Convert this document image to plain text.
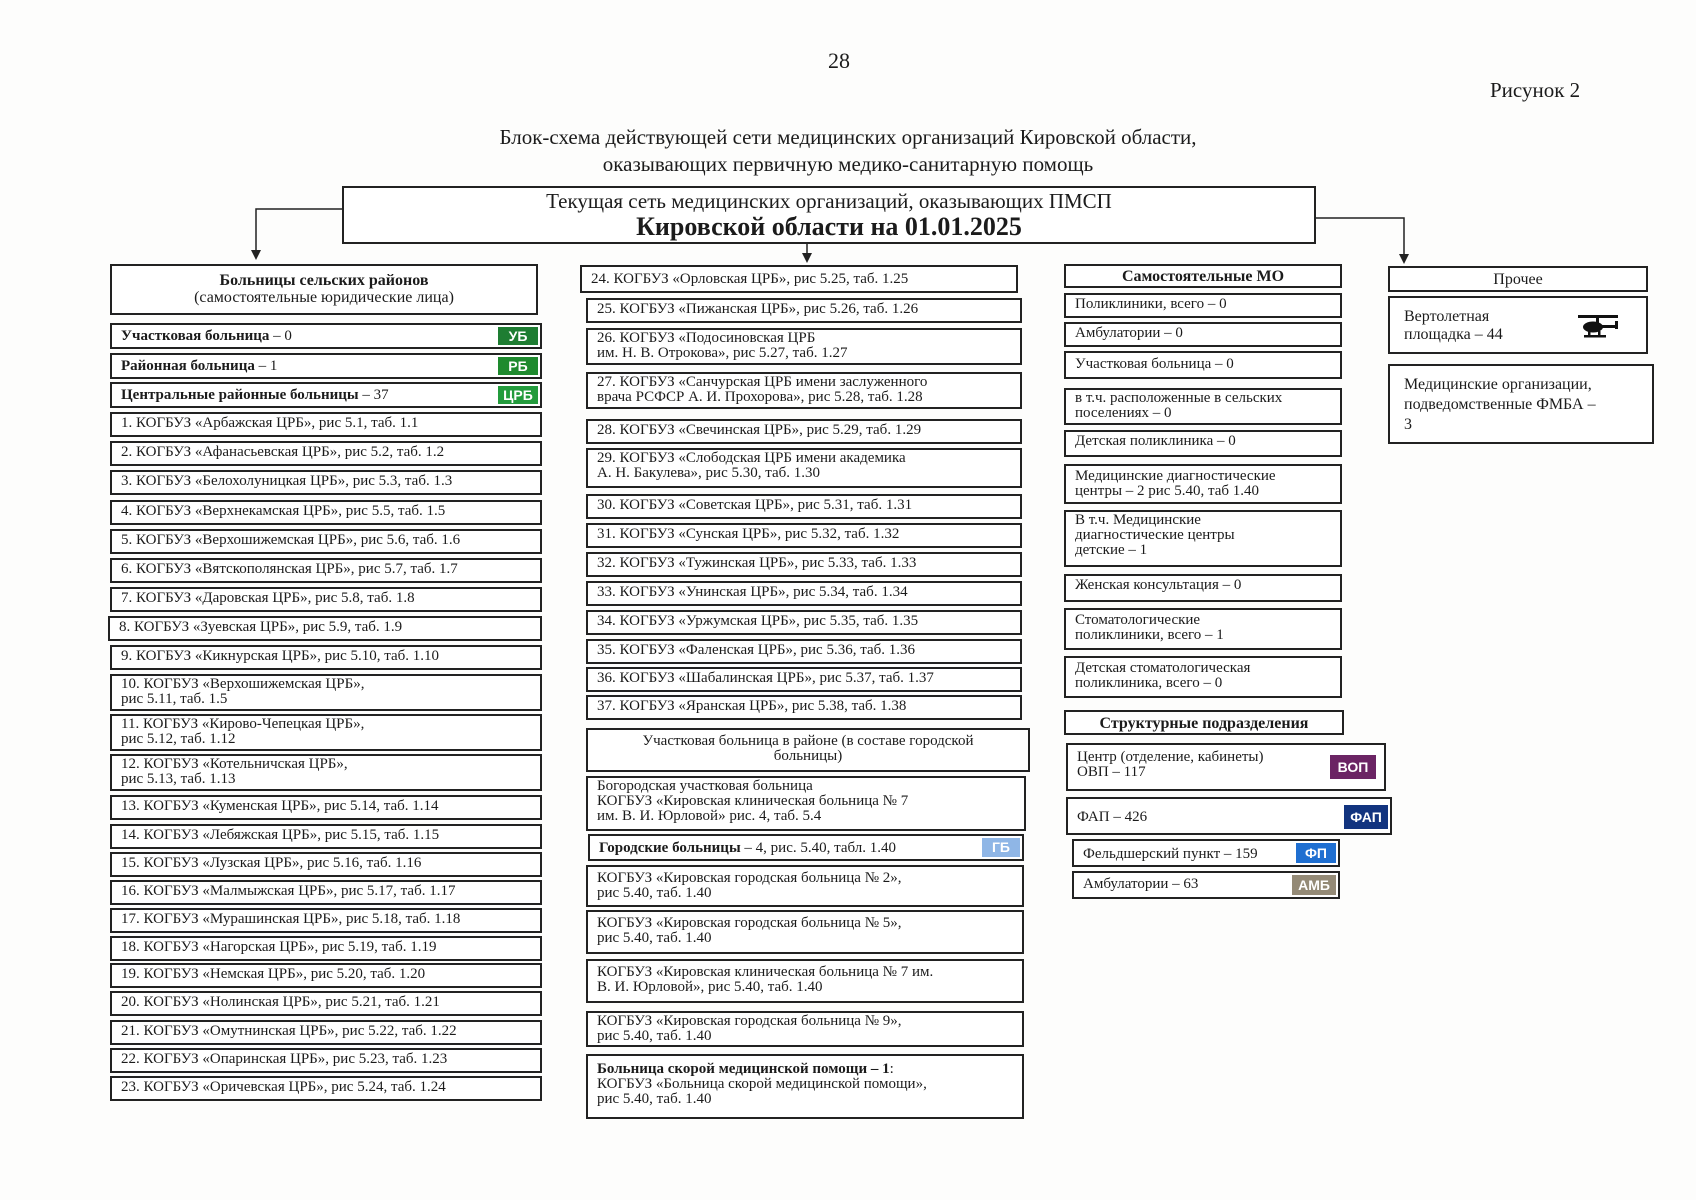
28
Рисунок 2
Блок-схема действующей сети медицинских организаций Кировской области,
оказывающих первичную медико-санитарную помощь
Текущая сеть медицинских организаций, оказывающих ПМСП
Кировской области на 01.01.2025
Больницы сельских районов
(самостоятельные юридические лица)
Участковая больница – 0	УБ
Районная больница – 1	РБ
Центральные районные больницы – 37	ЦРБ
1. КОГБУЗ «Арбажская ЦРБ», рис 5.1, таб. 1.1
2. КОГБУЗ «Афанасьевская ЦРБ», рис 5.2, таб. 1.2
3. КОГБУЗ «Белохолуницкая ЦРБ», рис 5.3, таб. 1.3
4. КОГБУЗ «Верхнекамская ЦРБ», рис 5.5, таб. 1.5
5. КОГБУЗ «Верхошижемская ЦРБ», рис 5.6, таб. 1.6
6. КОГБУЗ «Вятскополянская ЦРБ», рис 5.7, таб. 1.7
7. КОГБУЗ «Даровская ЦРБ», рис 5.8, таб. 1.8
8. КОГБУЗ «Зуевская ЦРБ», рис 5.9, таб. 1.9
9. КОГБУЗ «Кикнурская ЦРБ», рис 5.10, таб. 1.10
10. КОГБУЗ «Верхошижемская ЦРБ»,
рис 5.11, таб. 1.5
11. КОГБУЗ «Кирово-Чепецкая ЦРБ»,
рис 5.12, таб. 1.12
12. КОГБУЗ «Котельничская ЦРБ»,
рис 5.13, таб. 1.13
13. КОГБУЗ «Куменская ЦРБ», рис 5.14, таб. 1.14
14. КОГБУЗ «Лебяжская ЦРБ», рис 5.15, таб. 1.15
15. КОГБУЗ «Лузская ЦРБ», рис 5.16, таб. 1.16
16. КОГБУЗ «Малмыжская ЦРБ», рис 5.17, таб. 1.17
17. КОГБУЗ «Мурашинская ЦРБ», рис 5.18, таб. 1.18
18. КОГБУЗ «Нагорская ЦРБ», рис 5.19, таб. 1.19
19. КОГБУЗ «Немская ЦРБ», рис 5.20, таб. 1.20
20. КОГБУЗ «Нолинская ЦРБ», рис 5.21, таб. 1.21
21. КОГБУЗ «Омутнинская ЦРБ», рис 5.22, таб. 1.22
22. КОГБУЗ «Опаринская ЦРБ», рис 5.23, таб. 1.23
23. КОГБУЗ «Оричевская ЦРБ», рис 5.24, таб. 1.24
24. КОГБУЗ «Орловская ЦРБ», рис 5.25, таб. 1.25
25. КОГБУЗ «Пижанская ЦРБ», рис 5.26, таб. 1.26
26. КОГБУЗ «Подосиновская ЦРБ
им. Н. В. Отрокова», рис 5.27, таб. 1.27
27. КОГБУЗ «Санчурская ЦРБ имени заслуженного
врача РСФСР А. И. Прохорова», рис 5.28, таб. 1.28
28. КОГБУЗ «Свечинская ЦРБ», рис 5.29, таб. 1.29
29. КОГБУЗ «Слободская ЦРБ имени академика
А. Н. Бакулева», рис 5.30, таб. 1.30
30. КОГБУЗ «Советская ЦРБ», рис 5.31, таб. 1.31
31. КОГБУЗ «Сунская ЦРБ», рис 5.32, таб. 1.32
32. КОГБУЗ «Тужинская ЦРБ», рис 5.33, таб. 1.33
33. КОГБУЗ «Унинская ЦРБ», рис 5.34, таб. 1.34
34. КОГБУЗ «Уржумская ЦРБ», рис 5.35, таб. 1.35
35. КОГБУЗ «Фаленская ЦРБ», рис 5.36, таб. 1.36
36. КОГБУЗ «Шабалинская ЦРБ», рис 5.37, таб. 1.37
37. КОГБУЗ «Яранская ЦРБ», рис 5.38, таб. 1.38
Участковая больница в районе (в составе городской
больницы)
Богородская участковая больница
КОГБУЗ «Кировская клиническая больница № 7
им. В. И. Юрловой» рис. 4, таб. 5.4
Городские больницы – 4, рис. 5.40, табл. 1.40	ГБ
КОГБУЗ «Кировская городская больница № 2»,
рис 5.40, таб. 1.40
КОГБУЗ «Кировская городская больница № 5»,
рис 5.40, таб. 1.40
КОГБУЗ «Кировская клиническая больница № 7 им.
В. И. Юрловой», рис 5.40, таб. 1.40
КОГБУЗ «Кировская городская больница № 9»,
рис 5.40, таб. 1.40
Больница скорой медицинской помощи – 1:
КОГБУЗ «Больница скорой медицинской помощи»,
рис 5.40, таб. 1.40
Самостоятельные МО
Поликлиники, всего – 0
Амбулатории – 0
Участковая больница – 0
в т.ч. расположенные в сельских
поселениях – 0
Детская поликлиника – 0
Медицинские диагностические
центры – 2 рис 5.40, таб 1.40
В т.ч. Медицинские
диагностические центры
детские – 1
Женская консультация – 0
Стоматологические
поликлиники, всего – 1
Детская стоматологическая
поликлиника, всего – 0
Структурные подразделения
Центр (отделение, кабинеты)
ОВП – 117	ВОП
ФАП – 426	ФАП
Фельдшерский пункт – 159	ФП
Амбулатории – 63	АМБ
Прочее
Вертолетная
площадка – 44
Медицинские организации,
подведомственные ФМБА –
3
